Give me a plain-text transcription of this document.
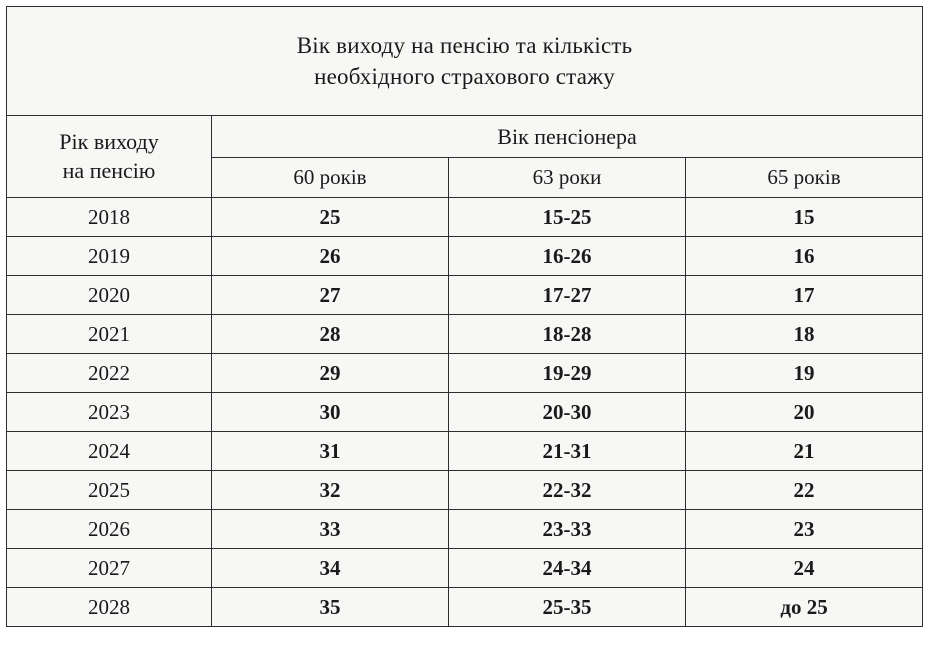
Вік виходу на пенсію та кількість
необхідного страхового стажу			

Рік виходу
на пенсію	Вік пенсіонера		
	60 років	63 роки	65 років
2018	25	15-25	15
2019	26	16-26	16
2020	27	17-27	17
2021	28	18-28	18
2022	29	19-29	19
2023	30	20-30	20
2024	31	21-31	21
2025	32	22-32	22
2026	33	23-33	23
2027	34	24-34	24
2028	35	25-35	до 25
